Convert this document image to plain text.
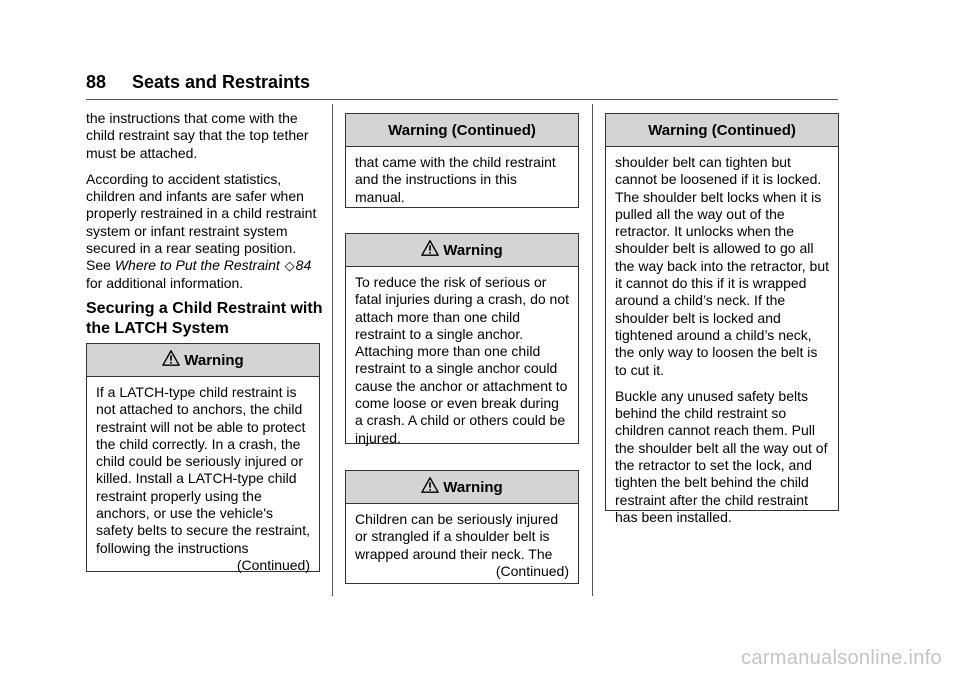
88 Seats and Restraints

the instructions that come with the child restraint say that the top tether must be attached.

According to accident statistics, children and infants are safer when properly restrained in a child restraint system or infant restraint system secured in a rear seating position. See Where to Put the Restraint ◇84 for additional information.

Securing a Child Restraint with
the LATCH System
Warning
If a LATCH-type child restraint is not attached to anchors, the child restraint will not be able to protect the child correctly. In a crash, the child could be seriously injured or killed. Install a LATCH-type child restraint properly using the anchors, or use the vehicle's safety belts to secure the restraint, following the instructions
(Continued)
Warning (Continued)
that came with the child restraint and the instructions in this manual.
Warning
To reduce the risk of serious or fatal injuries during a crash, do not attach more than one child restraint to a single anchor. Attaching more than one child restraint to a single anchor could cause the anchor or attachment to come loose or even break during a crash. A child or others could be injured.
Warning
Children can be seriously injured or strangled if a shoulder belt is wrapped around their neck. The
(Continued)
Warning (Continued)

shoulder belt can tighten but cannot be loosened if it is locked. The shoulder belt locks when it is pulled all the way out of the retractor. It unlocks when the shoulder belt is allowed to go all the way back into the retractor, but it cannot do this if it is wrapped around a child’s neck. If the shoulder belt is locked and tightened around a child’s neck, the only way to loosen the belt is to cut it.

Buckle any unused safety belts behind the child restraint so children cannot reach them. Pull the shoulder belt all the way out of the retractor to set the lock, and tighten the belt behind the child restraint after the child restraint has been installed.

carmanualsonline.info
